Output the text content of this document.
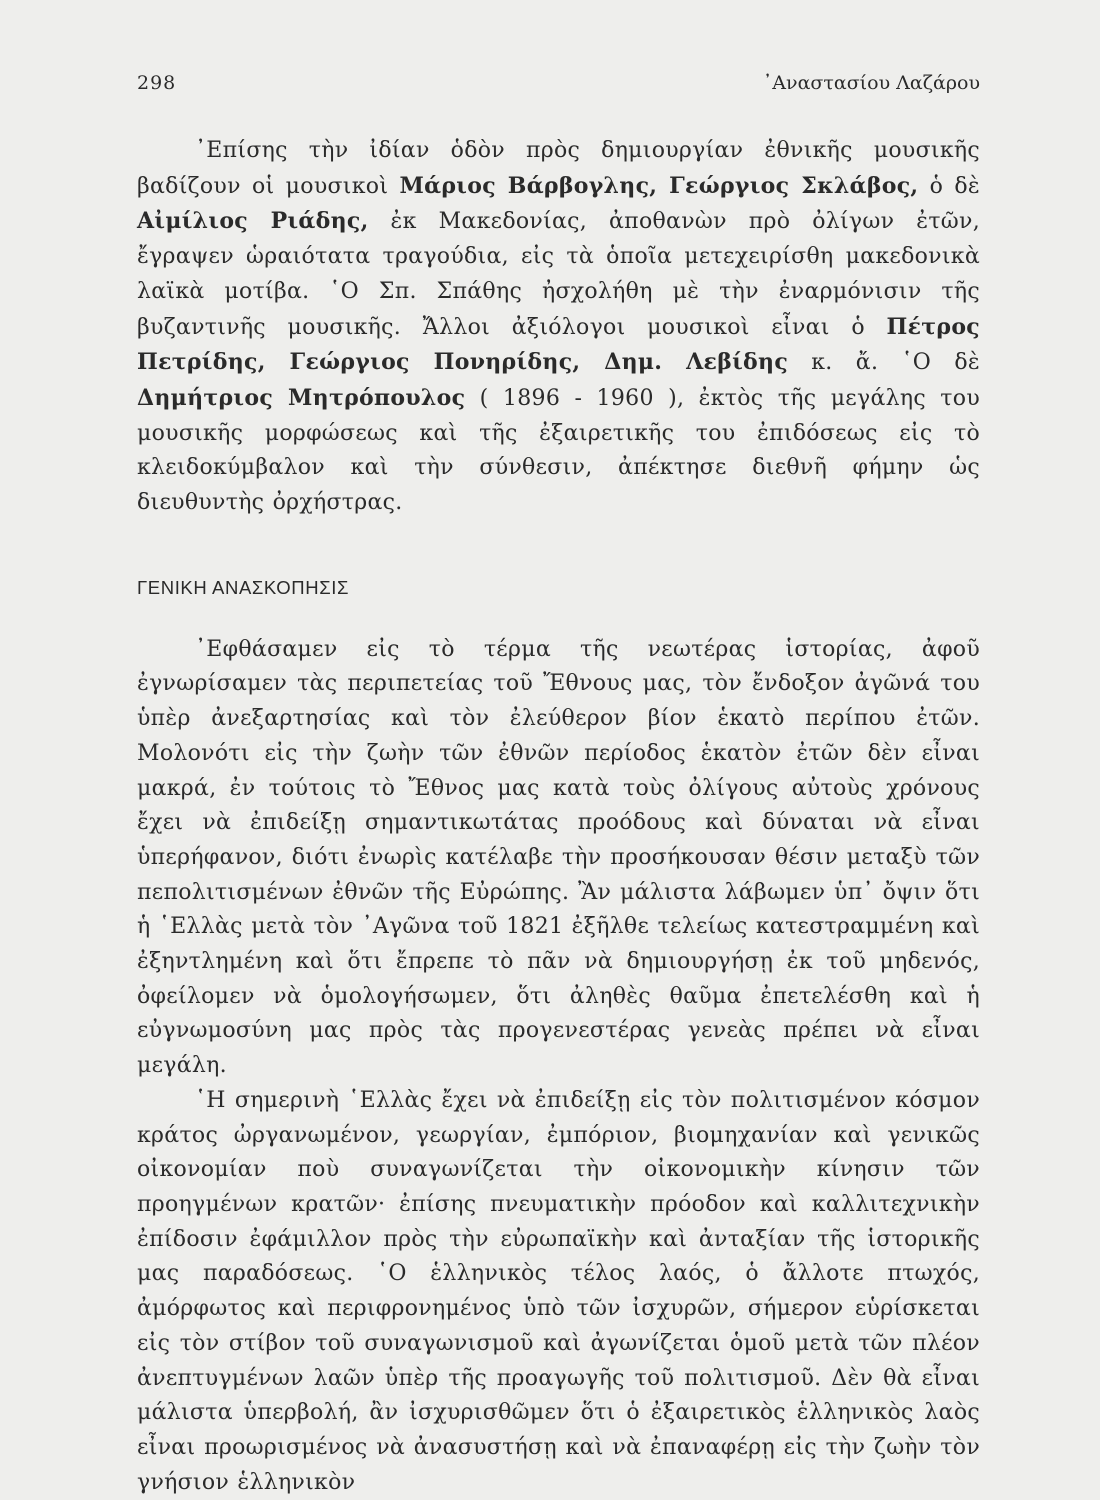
298	᾿Αναστασίου Λαζάρου

᾿Επίσης τὴν ἰδίαν ὁδὸν πρὸς δημιουργίαν ἐθνικῆς μουσικῆς βαδίζουν οἱ μουσικοὶ Μάριος Βάρβογλης, Γεώργιος Σκλάβος, ὁ δὲ Αἰμίλιος Ριάδης, ἐκ Μακεδονίας, ἀποθανὼν πρὸ ὀλίγων ἐτῶν, ἔγραψεν ὡραιότατα τραγούδια, εἰς τὰ ὁποῖα μετεχειρίσθη μακεδονικὰ λαϊκὰ μοτίβα. ῾Ο Σπ. Σπάθης ἠσχολήθη μὲ τὴν ἐναρμόνισιν τῆς βυζαντινῆς μουσικῆς. Ἄλλοι ἀξιόλογοι μουσικοὶ εἶναι ὁ Πέτρος Πετρίδης, Γεώργιος Πονηρίδης, Δημ. Λεβίδης κ. ἄ. ῾Ο δὲ Δημήτριος Μητρόπουλος ( 1896 - 1960 ), ἐκτὸς τῆς μεγάλης του μουσικῆς μορφώσεως καὶ τῆς ἐξαιρετικῆς του ἐπιδόσεως εἰς τὸ κλειδοκύμβαλον καὶ τὴν σύνθεσιν, ἀπέκτησε διεθνῆ φήμην ὡς διευθυντὴς ὀρχήστρας.

ΓΕΝΙΚΗ ΑΝΑΣΚΟΠΗΣΙΣ

᾿Εφθάσαμεν εἰς τὸ τέρμα τῆς νεωτέρας ἱστορίας, ἀφοῦ ἐγνωρίσαμεν τὰς περιπετείας τοῦ Ἔθνους μας, τὸν ἔνδοξον ἀγῶνά του ὑπὲρ ἀνεξαρτησίας καὶ τὸν ἐλεύθερον βίον ἑκατὸ περίπου ἐτῶν. Μολονότι εἰς τὴν ζωὴν τῶν ἐθνῶν περίοδος ἑκατὸν ἐτῶν δὲν εἶναι μακρά, ἐν τούτοις τὸ Ἔθνος μας κατὰ τοὺς ὀλίγους αὐτοὺς χρόνους ἔχει νὰ ἐπιδείξῃ σημαντικωτάτας προόδους καὶ δύναται νὰ εἶναι ὑπερήφανον, διότι ἐνωρὶς κατέλαβε τὴν προσήκουσαν θέσιν μεταξὺ τῶν πεπολιτισμένων ἐθνῶν τῆς Εὐρώπης. Ἂν μάλιστα λάβωμεν ὑπ᾿ ὄψιν ὅτι ἡ ῾Ελλὰς μετὰ τὸν ᾿Αγῶνα τοῦ 1821 ἐξῆλθε τελείως κατεστραμμένη καὶ ἐξηντλημένη καὶ ὅτι ἔπρεπε τὸ πᾶν νὰ δημιουργήσῃ ἐκ τοῦ μηδενός, ὀφείλομεν νὰ ὁμολογήσωμεν, ὅτι ἀληθὲς θαῦμα ἐπετελέσθη καὶ ἡ εὐγνωμοσύνη μας πρὸς τὰς προγενεστέρας γενεὰς πρέπει νὰ εἶναι μεγάλη.

῾Η σημερινὴ ῾Ελλὰς ἔχει νὰ ἐπιδείξῃ εἰς τὸν πολιτισμένον κόσμον κράτος ὠργανωμένον, γεωργίαν, ἐμπόριον, βιομηχανίαν καὶ γενικῶς οἰκονομίαν ποὺ συναγωνίζεται τὴν οἰκονομικὴν κίνησιν τῶν προηγμένων κρατῶν· ἐπίσης πνευματικὴν πρόοδον καὶ καλλιτεχνικὴν ἐπίδοσιν ἐφάμιλλον πρὸς τὴν εὐρωπαϊκὴν καὶ ἀνταξίαν τῆς ἱστορικῆς μας παραδόσεως. ῾Ο ἑλληνικὸς τέλος λαός, ὁ ἄλλοτε πτωχός, ἀμόρφωτος καὶ περιφρονημένος ὑπὸ τῶν ἰσχυρῶν, σήμερον εὑρίσκεται εἰς τὸν στίβον τοῦ συναγωνισμοῦ καὶ ἀγωνίζεται ὁμοῦ μετὰ τῶν πλέον ἀνεπτυγμένων λαῶν ὑπὲρ τῆς προαγωγῆς τοῦ πολιτισμοῦ. Δὲν θὰ εἶναι μάλιστα ὑπερβολή, ἂν ἰσχυρισθῶμεν ὅτι ὁ ἐξαιρετικὸς ἑλληνικὸς λαὸς εἶναι προωρισμένος νὰ ἀνασυστήσῃ καὶ νὰ ἐπαναφέρῃ εἰς τὴν ζωὴν τὸν γνήσιον ἑλληνικὸν
